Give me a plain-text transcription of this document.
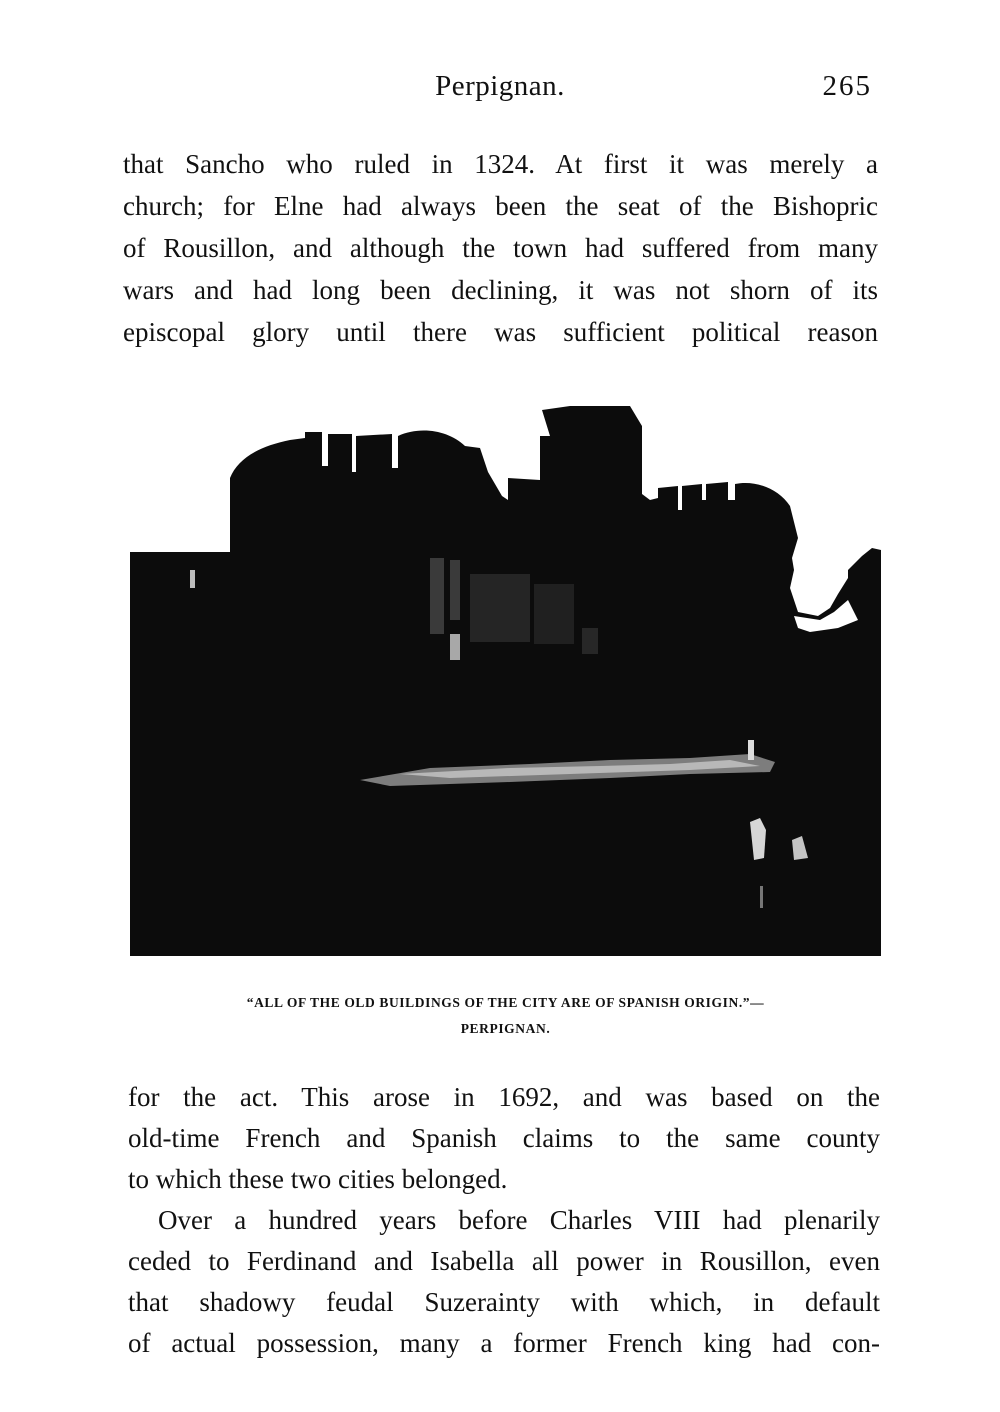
Perpignan.	265
that Sancho who ruled in 1324. At first it was merely a
church; for Elne had always been the seat of the Bishopric
of Rousillon, and although the town had suffered from many
wars and had long been declining, it was not shorn of its
episcopal glory until there was sufficient political reason
“ALL OF THE OLD BUILDINGS OF THE CITY ARE OF SPANISH ORIGIN.”—
PERPIGNAN.
for the act. This arose in 1692, and was based on the
old-time French and Spanish claims to the same county
to which these two cities belonged.
Over a hundred years before Charles VIII had plenarily
ceded to Ferdinand and Isabella all power in Rousillon, even
that shadowy feudal Suzerainty with which, in default
of actual possession, many a former French king had con-
